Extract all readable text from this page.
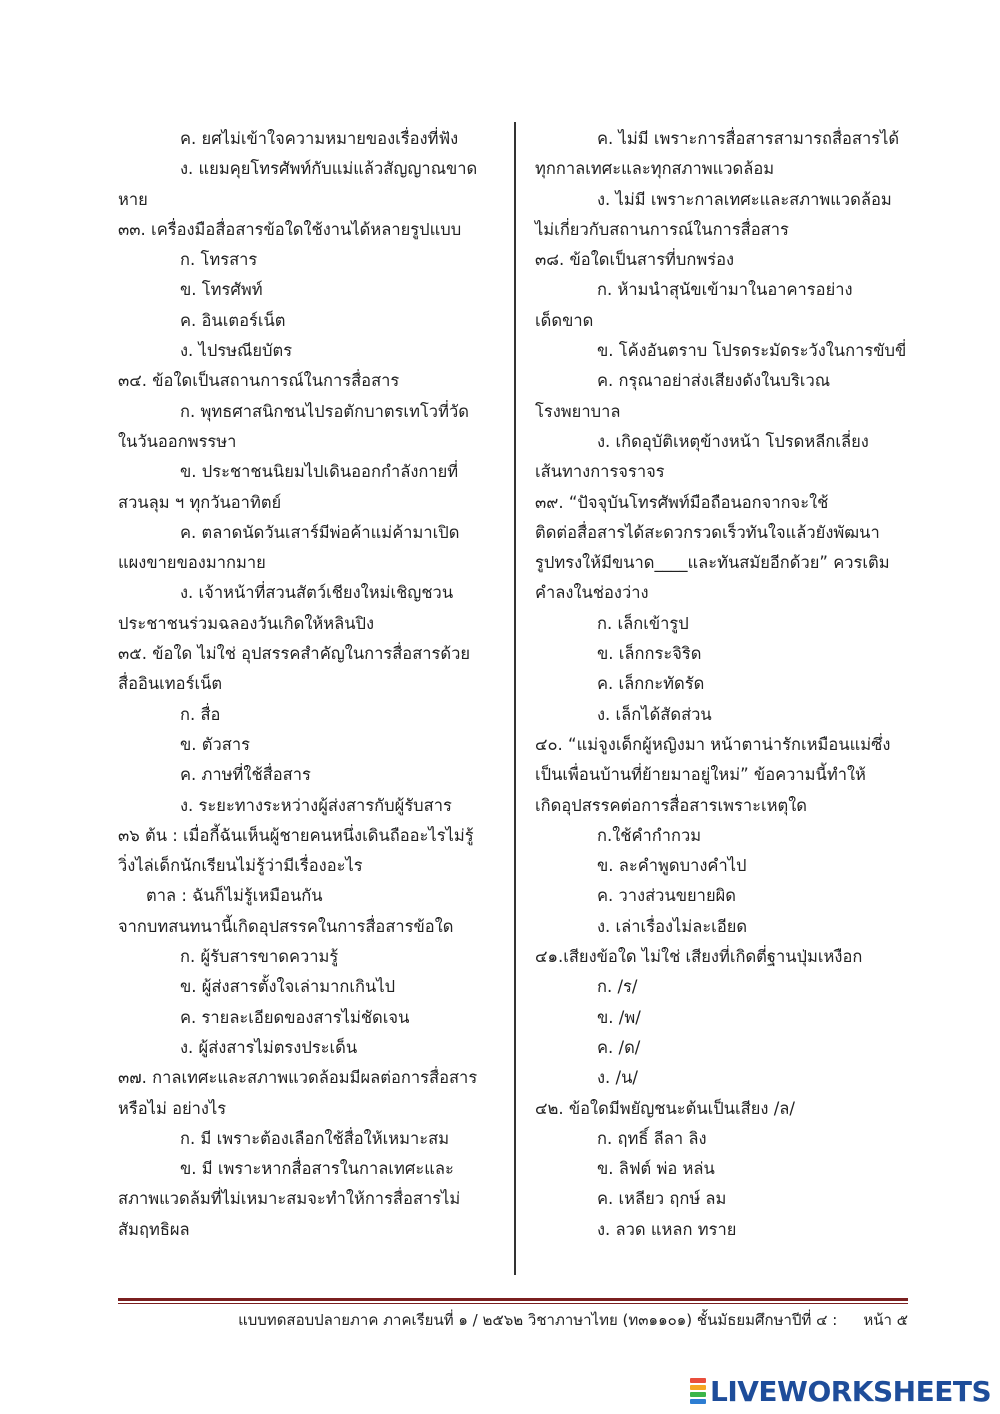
ค. ยศไม่เข้าใจความหมายของเรื่องที่ฟัง
ง. แยมคุยโทรศัพท์กับแม่แล้วสัญญาณขาด
หาย
๓๓. เครื่องมือสื่อสารข้อใดใช้งานได้หลายรูปแบบ
ก. โทรสาร
ข. โทรศัพท์
ค. อินเตอร์เน็ต
ง. ไปรษณียบัตร
๓๔. ข้อใดเป็นสถานการณ์ในการสื่อสาร
ก. พุทธศาสนิกชนไปรอตักบาตรเทโวที่วัด
ในวันออกพรรษา
ข. ประชาชนนิยมไปเดินออกกำลังกายที่
สวนลุม ฯ ทุกวันอาทิตย์
ค. ตลาดนัดวันเสาร์มีพ่อค้าแม่ค้ามาเปิด
แผงขายของมากมาย
ง. เจ้าหน้าที่สวนสัตว์เชียงใหม่เชิญชวน
ประชาชนร่วมฉลองวันเกิดให้หลินปิง
๓๕. ข้อใด ไม่ใช่ อุปสรรคสำคัญในการสื่อสารด้วย
สื่ออินเทอร์เน็ต
ก. สื่อ
ข. ตัวสาร
ค. ภาษที่ใช้สื่อสาร
ง. ระยะทางระหว่างผู้ส่งสารกับผู้รับสาร
๓๖ ต้น : เมื่อกี้ฉันเห็นผู้ชายคนหนึ่งเดินถืออะไรไม่รู้
วิ่งไล่เด็กนักเรียนไม่รู้ว่ามีเรื่องอะไร
ตาล : ฉันก็ไม่รู้เหมือนกัน
จากบทสนทนานี้เกิดอุปสรรคในการสื่อสารข้อใด
ก. ผู้รับสารขาดความรู้
ข. ผู้ส่งสารตั้งใจเล่ามากเกินไป
ค. รายละเอียดของสารไม่ชัดเจน
ง. ผู้ส่งสารไม่ตรงประเด็น
๓๗. กาลเทศะและสภาพแวดล้อมมีผลต่อการสื่อสาร
หรือไม่ อย่างไร
ก. มี เพราะต้องเลือกใช้สื่อให้เหมาะสม
ข. มี เพราะหากสื่อสารในกาลเทศะและ
สภาพแวดล้มที่ไม่เหมาะสมจะทำให้การสื่อสารไม่
สัมฤทธิผล
ค. ไม่มี เพราะการสื่อสารสามารถสื่อสารได้
ทุกกาลเทศะและทุกสภาพแวดล้อม
ง. ไม่มี เพราะกาลเทศะและสภาพแวดล้อม
ไม่เกี่ยวกับสถานการณ์ในการสื่อสาร
๓๘. ข้อใดเป็นสารที่บกพร่อง
ก. ห้ามนำสุนัขเข้ามาในอาคารอย่าง
เด็ดขาด
ข. โค้งอันตราบ โปรดระมัดระวังในการขับขี่
ค. กรุณาอย่าส่งเสียงดังในบริเวณ
โรงพยาบาล
ง. เกิดอุบัติเหตุข้างหน้า โปรดหลีกเลี่ยง
เส้นทางการจราจร
๓๙. “ปัจจุบันโทรศัพท์มือถือนอกจากจะใช้
ติดต่อสื่อสารได้สะดวกรวดเร็วทันใจแล้วยังพัฒนา
รูปทรงให้มีขนาด____และทันสมัยอีกด้วย” ควรเติม
คำลงในช่องว่าง
ก. เล็กเข้ารูป
ข. เล็กกระจิริด
ค. เล็กกะทัดรัด
ง. เล็กได้สัดส่วน
๔๐. “แม่จูงเด็กผู้หญิงมา หน้าตาน่ารักเหมือนแม่ซึ่ง
เป็นเพื่อนบ้านที่ย้ายมาอยู่ใหม่” ข้อความนี้ทำให้
เกิดอุปสรรคต่อการสื่อสารเพราะเหตุใด
ก.ใช้คำกำกวม
ข. ละคำพูดบางคำไป
ค. วางส่วนขยายผิด
ง. เล่าเรื่องไม่ละเอียด
๔๑.เสียงข้อใด ไม่ใช่ เสียงที่เกิดตี่ฐานปุ่มเหงือก
ก. /ร/
ข. /พ/
ค. /ด/
ง. /น/
๔๒. ข้อใดมีพยัญชนะต้นเป็นเสียง /ล/
ก. ฤทธิ์ ลีลา ลิง
ข. ลิฟต์ พ่อ หล่น
ค. เหลียว ฤกษ์ ลม
ง. ลวด แหลก ทราย
แบบทดสอบปลายภาค ภาคเรียนที่ ๑ / ๒๕๖๒ วิชาภาษาไทย (ท๓๑๑๐๑) ชั้นมัธยมศึกษาปีที่ ๔ : หน้า ๕
LIVEWORKSHEETS
